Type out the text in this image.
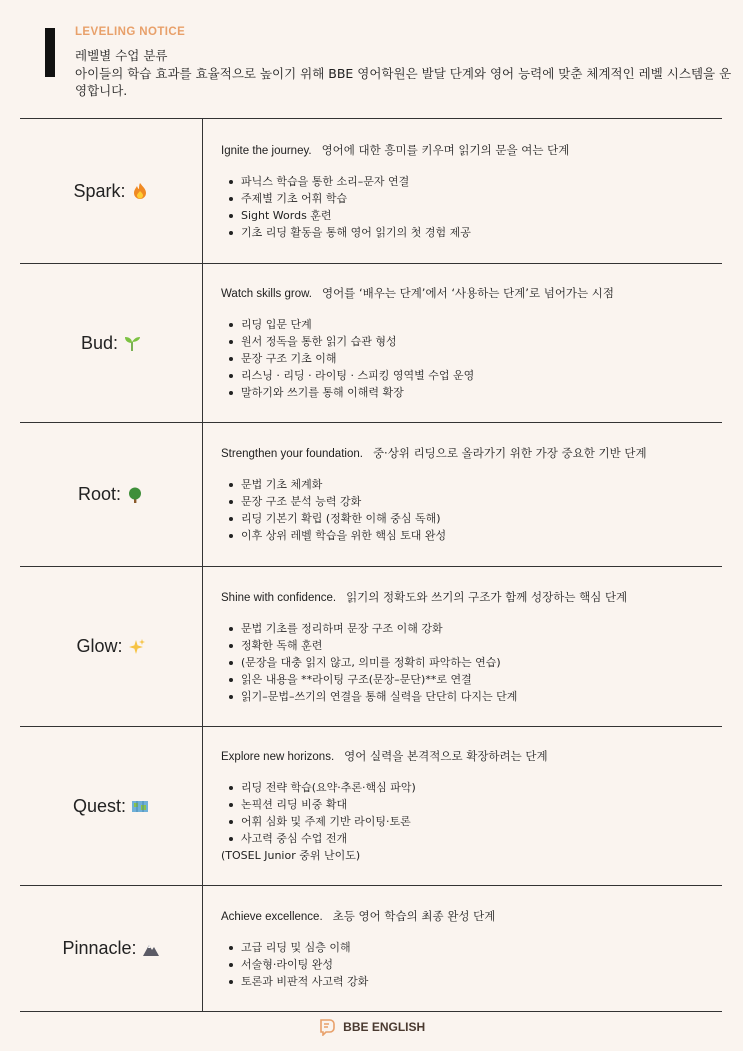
LEVELING NOTICE
레벨별 수업 분류
아이들의 학습 효과를 효율적으로 높이기 위해 BBE 영어학원은 발달 단계와 영어 능력에 맞춘 체계적인 레벨 시스템을 운영합니다.
Spark:
Ignite the journey. 영어에 대한 흥미를 키우며 읽기의 문을 여는 단계
파닉스 학습을 통한 소리–문자 연결
주제별 기초 어휘 학습
Sight Words 훈련
기초 리딩 활동을 통해 영어 읽기의 첫 경험 제공
Bud:
Watch skills grow. 영어를 ‘배우는 단계’에서 ‘사용하는 단계’로 넘어가는 시점
리딩 입문 단계
원서 정독을 통한 읽기 습관 형성
문장 구조 기초 이해
리스닝 · 리딩 · 라이팅 · 스피킹 영역별 수업 운영
말하기와 쓰기를 통해 이해력 확장
Root:
Strengthen your foundation. 중·상위 리딩으로 올라가기 위한 가장 중요한 기반 단계
문법 기초 체계화
문장 구조 분석 능력 강화
리딩 기본기 확립 (정확한 이해 중심 독해)
이후 상위 레벨 학습을 위한 핵심 토대 완성
Glow:
Shine with confidence. 읽기의 정확도와 쓰기의 구조가 함께 성장하는 핵심 단계
문법 기초를 정리하며 문장 구조 이해 강화
정확한 독해 훈련
(문장을 대충 읽지 않고, 의미를 정확히 파악하는 연습)
읽은 내용을 **라이팅 구조(문장–문단)**로 연결
읽기–문법–쓰기의 연결을 통해 실력을 단단히 다지는 단계
Quest:
Explore new horizons. 영어 실력을 본격적으로 확장하려는 단계
리딩 전략 학습(요약·추론·핵심 파악)
논픽션 리딩 비중 확대
어휘 심화 및 주제 기반 라이팅·토론
사고력 중심 수업 전개
(TOSEL Junior 중위 난이도)
Pinnacle:
Achieve excellence. 초등 영어 학습의 최종 완성 단계
고급 리딩 및 심층 이해
서술형·라이팅 완성
토론과 비판적 사고력 강화
BBE ENGLISH
